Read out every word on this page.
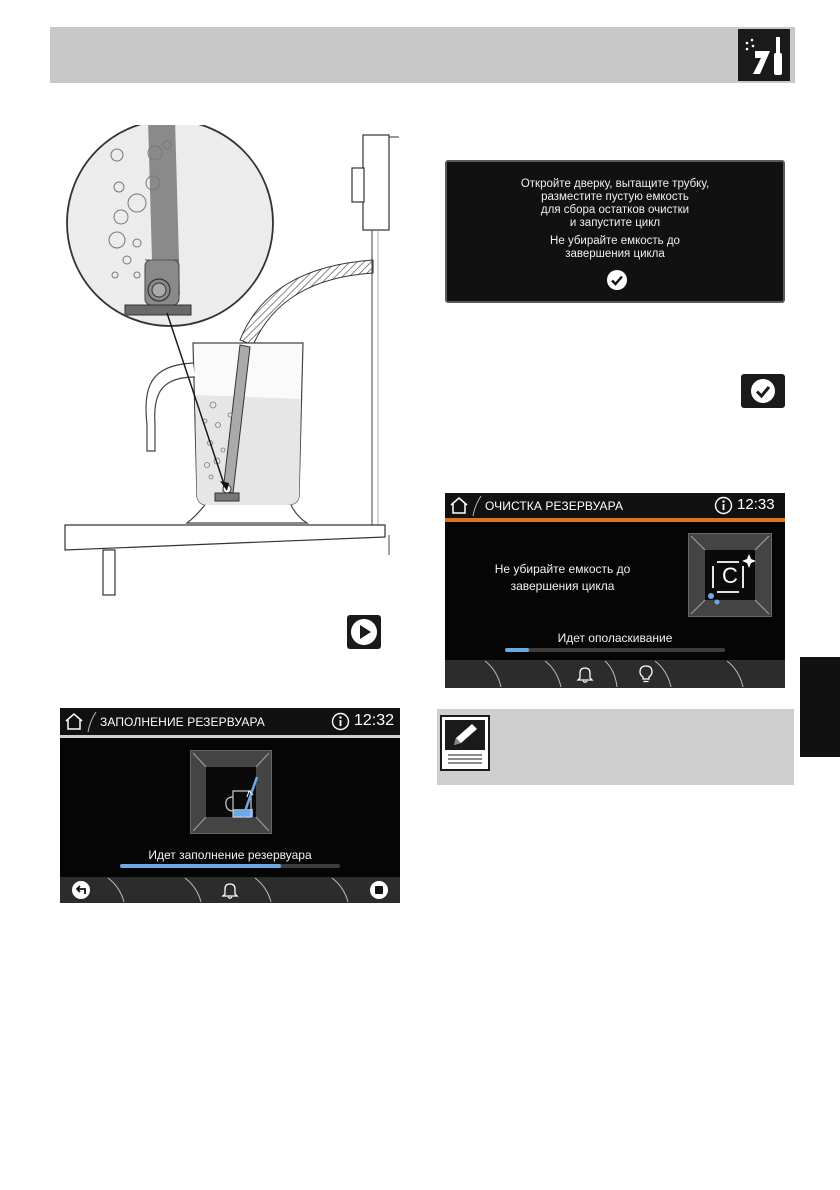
Откройте дверку, вытащите трубку,
разместите пустую емкость
для сбора остатков очистки
и запустите цикл
Не убирайте емкость до
завершения цикла
ОЧИСТКА РЕЗЕРВУАРА	12:33
Не убирайте емкость до
завершения цикла	C
Идет ополаскивание
ЗАПОЛНЕНИЕ РЕЗЕРВУАРА	12:32
Идет заполнение резервуара
